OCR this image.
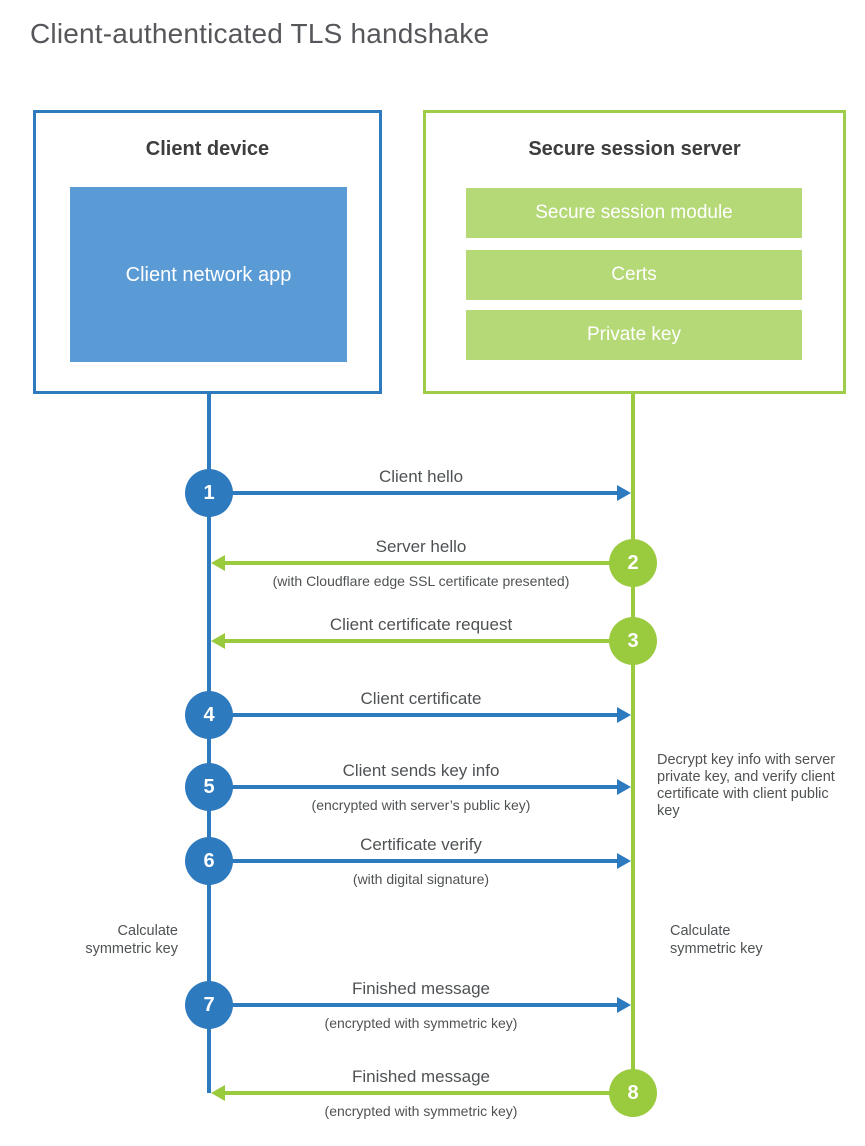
Client-authenticated TLS handshake
Client device
Client network app
Secure session server
Secure session module
Certs
Private key
1
Client hello
2
Server hello
(with Cloudflare edge SSL certificate presented)
3
Client certificate request
4
Client certificate
5
Client sends key info
(encrypted with server’s public key)
6
Certificate verify
(with digital signature)
Decrypt key info with server private key, and verify client certificate with client public key
Calculate symmetric key
Calculate symmetric key
7
Finished message
(encrypted with symmetric key)
8
Finished message
(encrypted with symmetric key)
